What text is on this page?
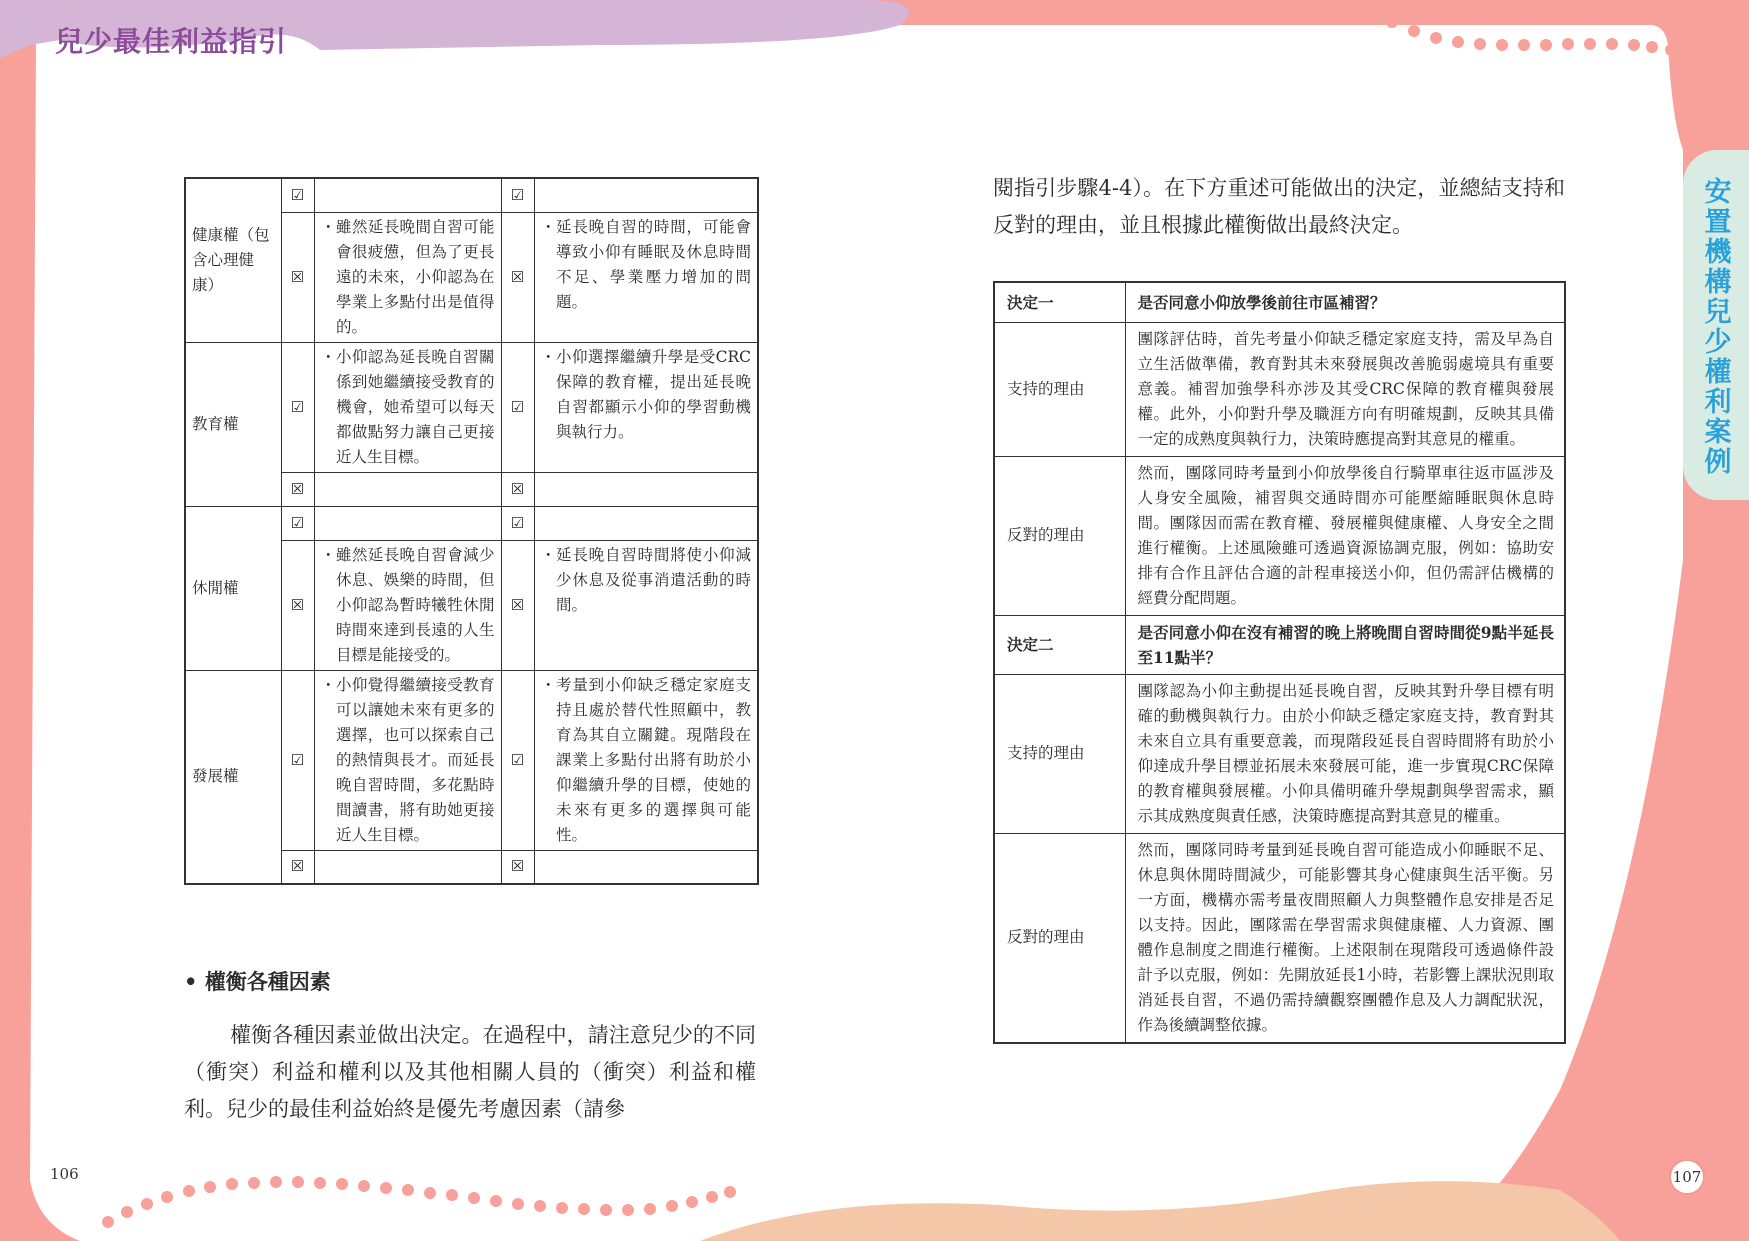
兒少最佳利益指引
安置機構兒少權利案例
健康權（包含心理健康）	☑		☑	
	☒	・ 雖然延長晚間自習可能會很疲憊，但為了更長遠的未來，小仰認為在學業上多點付出是值得的。	☒	・ 延長晚自習的時間，可能會導致小仰有睡眠及休息時間不足、學業壓力增加的問題。

教育權	☑	・ 小仰認為延長晚自習關係到她繼續接受教育的機會，她希望可以每天都做點努力讓自己更接近人生目標。	☑	・ 小仰選擇繼續升學是受CRC保障的教育權，提出延長晚自習都顯示小仰的學習動機與執行力。

	☒		☒	
休閒權	☑		☑	
	☒	・ 雖然延長晚自習會減少休息、娛樂的時間，但小仰認為暫時犧牲休閒時間來達到長遠的人生目標是能接受的。	☒	・ 延長晚自習時間將使小仰減少休息及從事消遣活動的時間。

發展權	☑	・ 小仰覺得繼續接受教育可以讓她未來有更多的選擇，也可以探索自己的熱情與長才。而延長晚自習時間，多花點時間讀書，將有助她更接近人生目標。	☑	・ 考量到小仰缺乏穩定家庭支持且處於替代性照顧中，教育為其自立關鍵。現階段在課業上多點付出將有助於小仰繼續升學的目標，使她的未來有更多的選擇與可能性。

	☒		☒	
• 權衡各種因素
權衡各種因素並做出決定。在過程中，請注意兒少的不同（衝突）利益和權利以及其他相關人員的（衝突）利益和權利。兒少的最佳利益始終是優先考慮因素（請參
閱指引步驟4-4）。在下方重述可能做出的決定，並總結支持和反對的理由，並且根據此權衡做出最終決定。
決定一	是否同意小仰放學後前往市區補習？
支持的理由	團隊評估時，首先考量小仰缺乏穩定家庭支持，需及早為自立生活做準備，教育對其未來發展與改善脆弱處境具有重要意義。補習加強學科亦涉及其受CRC保障的教育權與發展權。此外，小仰對升學及職涯方向有明確規劃，反映其具備一定的成熟度與執行力，決策時應提高對其意見的權重。
反對的理由	然而，團隊同時考量到小仰放學後自行騎單車往返市區涉及人身安全風險，補習與交通時間亦可能壓縮睡眠與休息時間。團隊因而需在教育權、發展權與健康權、人身安全之間進行權衡。上述風險雖可透過資源協調克服，例如：協助安排有合作且評估合適的計程車接送小仰，但仍需評估機構的經費分配問題。
決定二	是否同意小仰在沒有補習的晚上將晚間自習時間從9點半延長至11點半？
支持的理由	團隊認為小仰主動提出延長晚自習，反映其對升學目標有明確的動機與執行力。由於小仰缺乏穩定家庭支持，教育對其未來自立具有重要意義，而現階段延長自習時間將有助於小仰達成升學目標並拓展未來發展可能，進一步實現CRC保障的教育權與發展權。小仰具備明確升學規劃與學習需求，顯示其成熟度與責任感，決策時應提高對其意見的權重。
反對的理由	然而，團隊同時考量到延長晚自習可能造成小仰睡眠不足、休息與休閒時間減少，可能影響其身心健康與生活平衡。另一方面，機構亦需考量夜間照顧人力與整體作息安排是否足以支持。因此，團隊需在學習需求與健康權、人力資源、團體作息制度之間進行權衡。上述限制在現階段可透過條件設計予以克服，例如：先開放延長1小時，若影響上課狀況則取消延長自習，不過仍需持續觀察團體作息及人力調配狀況，作為後續調整依據。
106	107
